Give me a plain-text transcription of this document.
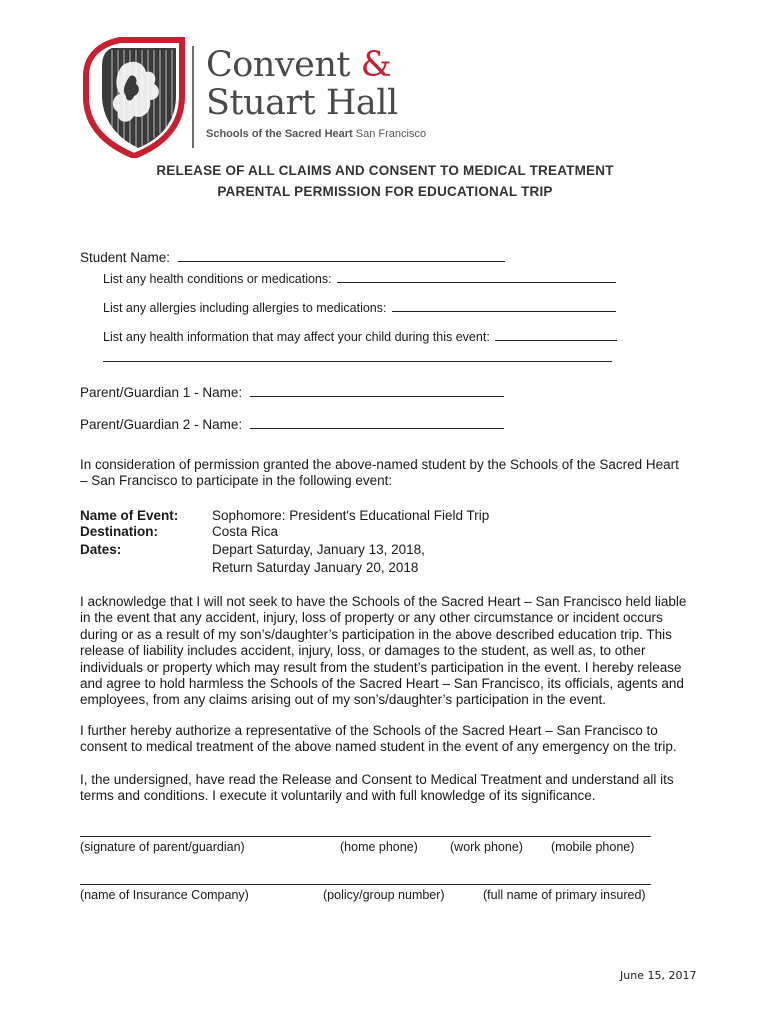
Convent &
Stuart Hall
Schools of the Sacred Heart San Francisco
RELEASE OF ALL CLAIMS AND CONSENT TO MEDICAL TREATMENT
PARENTAL PERMISSION FOR EDUCATIONAL TRIP
Student Name:
List any health conditions or medications:
List any allergies including allergies to medications:
List any health information that may affect your child during this event:
Parent/Guardian 1 - Name:
Parent/Guardian 2 - Name:
In consideration of permission granted the above-named student by the Schools of the Sacred Heart – San Francisco to participate in the following event:
Name of Event: Sophomore: President's Educational Field Trip
Destination:	Costa Rica
Dates:	Depart Saturday, January 13, 2018,
Return Saturday January 20, 2018
I acknowledge that I will not seek to have the Schools of the Sacred Heart – San Francisco held liable in the event that any accident, injury, loss of property or any other circumstance or incident occurs during or as a result of my son’s/daughter’s participation in the above described education trip. This release of liability includes accident, injury, loss, or damages to the student, as well as, to other individuals or property which may result from the student’s participation in the event. I hereby release and agree to hold harmless the Schools of the Sacred Heart – San Francisco, its officials, agents and employees, from any claims arising out of my son’s/daughter’s participation in the event.
I further hereby authorize a representative of the Schools of the Sacred Heart – San Francisco to consent to medical treatment of the above named student in the event of any emergency on the trip.
I, the undersigned, have read the Release and Consent to Medical Treatment and understand all its terms and conditions. I execute it voluntarily and with full knowledge of its significance.
(signature of parent/guardian)	(home phone)	(work phone) (mobile phone)
(name of Insurance Company)	(policy/group number)	(full name of primary insured)
June 15, 2017
